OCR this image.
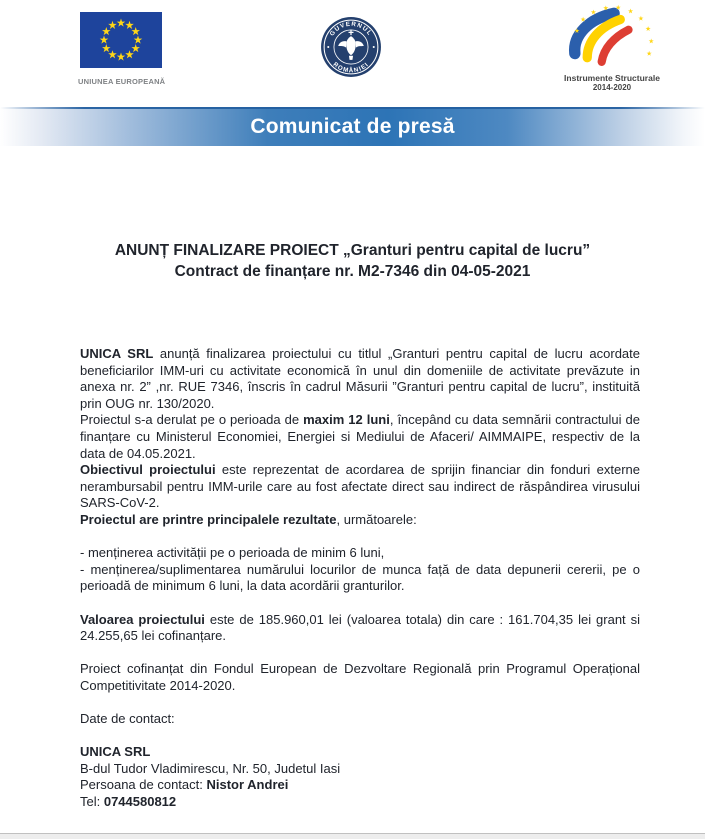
UNIUNEA EUROPEANĂ
GUVERNUL
ROMÂNIEI
Instrumente Structurale
2014-2020
Comunicat de presă
ANUNȚ FINALIZARE PROIECT „Granturi pentru capital de lucru”
Contract de finanțare nr. M2-7346 din 04-05-2021

UNICA SRL anunță finalizarea proiectului cu titlul „Granturi pentru capital de lucru acordate beneficiarilor IMM-uri cu activitate economică în unul din domeniile de activitate prevăzute in anexa nr. 2” ,nr. RUE 7346, înscris în cadrul Măsurii ”Granturi pentru capital de lucru”, instituită prin OUG nr. 130/2020.

Proiectul s-a derulat pe o perioada de maxim 12 luni, începând cu data semnării contractului de finanțare cu Ministerul Economiei, Energiei si Mediului de Afaceri/ AIMMAIPE, respectiv de la data de 04.05.2021.

Obiectivul proiectului este reprezentat de acordarea de sprijin financiar din fonduri externe nerambursabil pentru IMM-urile care au fost afectate direct sau indirect de răspândirea virusului SARS-CoV-2.

Proiectul are printre principalele rezultate, următoarele:

- menținerea activității pe o perioada de minim 6 luni,

- menținerea/suplimentarea numărului locurilor de munca față de data depunerii cererii, pe o perioadă de minimum 6 luni, la data acordării granturilor.

Valoarea proiectului este de 185.960,01 lei (valoarea totala) din care : 161.704,35 lei grant si 24.255,65 lei cofinanțare.

Proiect cofinanțat din Fondul European de Dezvoltare Regională prin Programul Operațional Competitivitate 2014-2020.

Date de contact:

UNICA SRL

B-dul Tudor Vladimirescu, Nr. 50, Judetul Iasi

Persoana de contact: Nistor Andrei

Tel: 0744580812
